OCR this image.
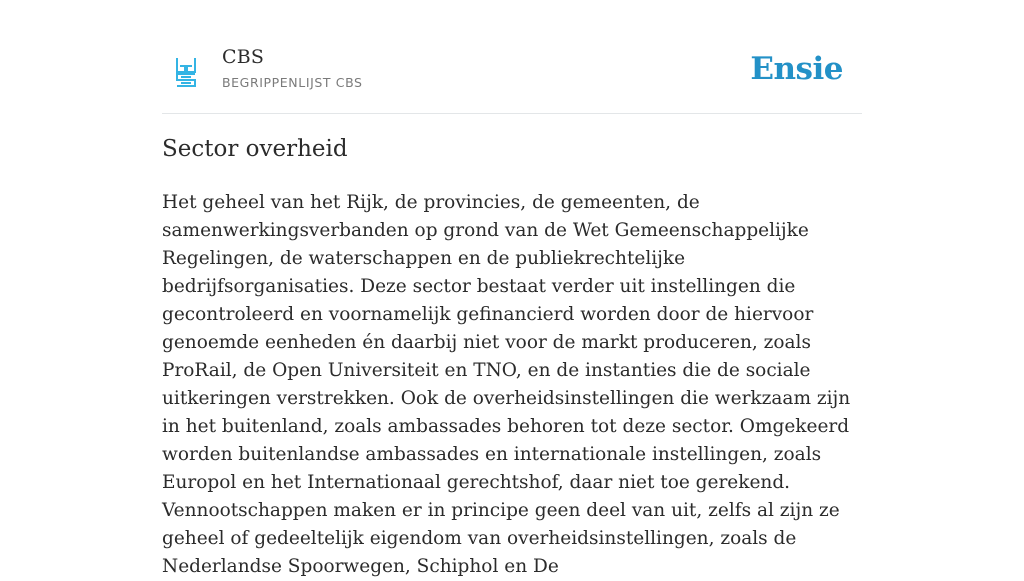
CBS
BEGRIPPENLIJST CBS	Ensie
Sector overheid

Het geheel van het Rijk, de provincies, de gemeenten, de samenwerkingsverbanden op grond van de Wet Gemeenschappelijke Regelingen, de waterschappen en de publiekrechtelijke bedrijfsorganisaties. Deze sector bestaat verder uit instellingen die gecontroleerd en voornamelijk gefinancierd worden door de hiervoor genoemde eenheden én daarbij niet voor de markt produceren, zoals ProRail, de Open Universiteit en TNO, en de instanties die de sociale uitkeringen verstrekken. Ook de overheidsinstellingen die werkzaam zijn in het buitenland, zoals ambassades behoren tot deze sector. Omgekeerd worden buitenlandse ambassades en internationale instellingen, zoals Europol en het Internationaal gerechtshof, daar niet toe gerekend. Vennootschappen maken er in principe geen deel van uit, zelfs al zijn ze geheel of gedeeltelijk eigendom van overheidsinstellingen, zoals de Nederlandse Spoorwegen, Schiphol en De
